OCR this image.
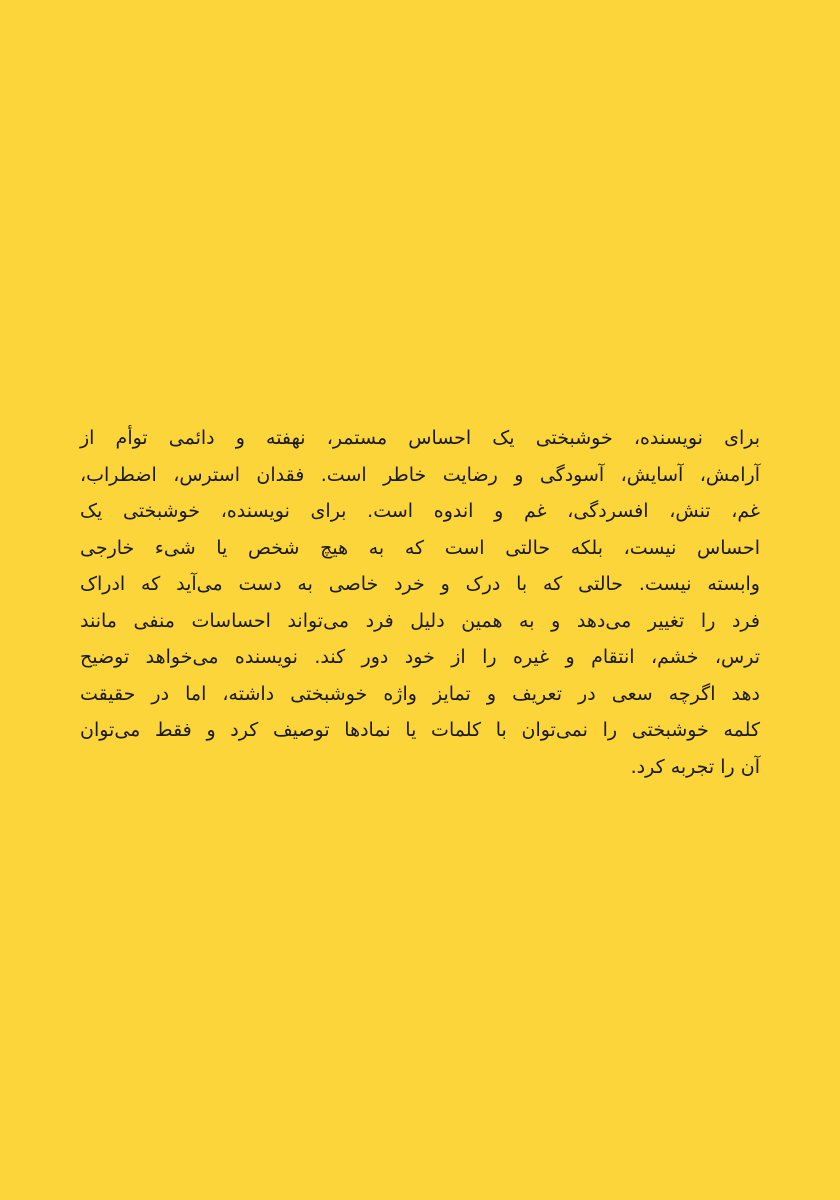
برای نویسنده، خوشبختی یک احساس مستمر، نهفته و دائمی توأم از
آرامش، آسایش، آسودگی و رضایت خاطر است. فقدان استرس، اضطراب،
غم، تنش، افسردگی، غم و اندوه است. برای نویسنده، خوشبختی یک
احساس نیست، بلکه حالتی است که به هیچ شخص یا شیء خارجی
وابسته نیست. حالتی که با درک و خرد خاصی به دست می‌آید که ادراک
فرد را تغییر می‌دهد و به همین دلیل فرد می‌تواند احساسات منفی مانند
ترس، خشم، انتقام و غیره را از خود دور کند. نویسنده می‌خواهد توضیح
دهد اگرچه سعی در تعریف و تمایز واژه خوشبختی داشته، اما در حقیقت
کلمه خوشبختی را نمی‌توان با کلمات یا نمادها توصیف کرد و فقط می‌توان
آن را تجربه کرد.
